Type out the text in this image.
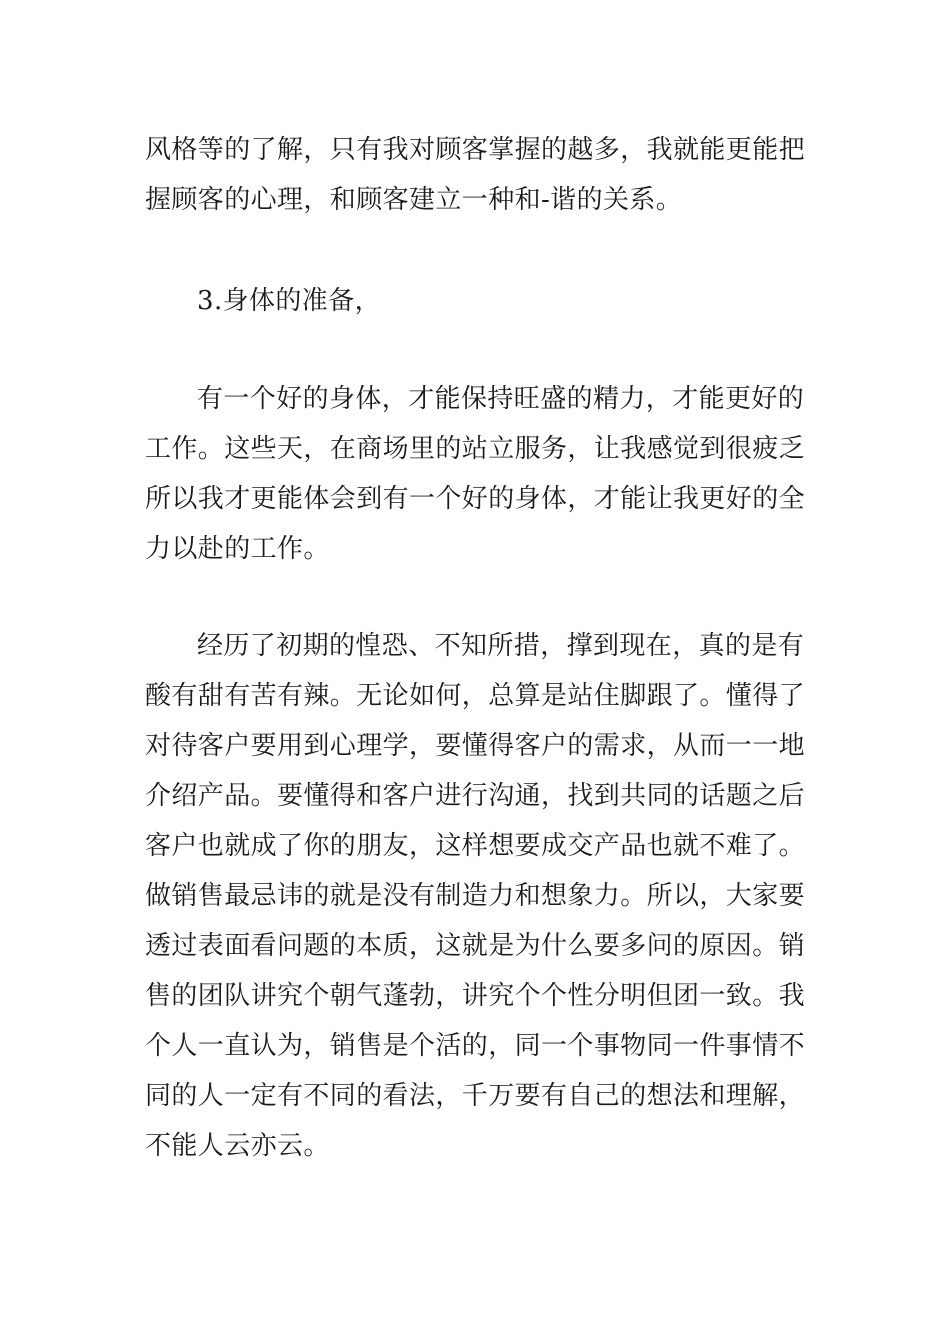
风格等的了解，只有我对顾客掌握的越多，我就能更能把
握顾客的心理，和顾客建立一种和-谐的关系。
3.身体的准备，
有一个好的身体，才能保持旺盛的精力，才能更好的
工作。这些天，在商场里的站立服务，让我感觉到很疲乏
所以我才更能体会到有一个好的身体，才能让我更好的全
力以赴的工作。
经历了初期的惶恐、不知所措，撑到现在，真的是有
酸有甜有苦有辣。无论如何，总算是站住脚跟了。懂得了
对待客户要用到心理学，要懂得客户的需求，从而一一地
介绍产品。要懂得和客户进行沟通，找到共同的话题之后
客户也就成了你的朋友，这样想要成交产品也就不难了。
做销售最忌讳的就是没有制造力和想象力。所以，大家要
透过表面看问题的本质，这就是为什么要多问的原因。销
售的团队讲究个朝气蓬勃，讲究个个性分明但团一致。我
个人一直认为，销售是个活的，同一个事物同一件事情不
同的人一定有不同的看法，千万要有自己的想法和理解，
不能人云亦云。
